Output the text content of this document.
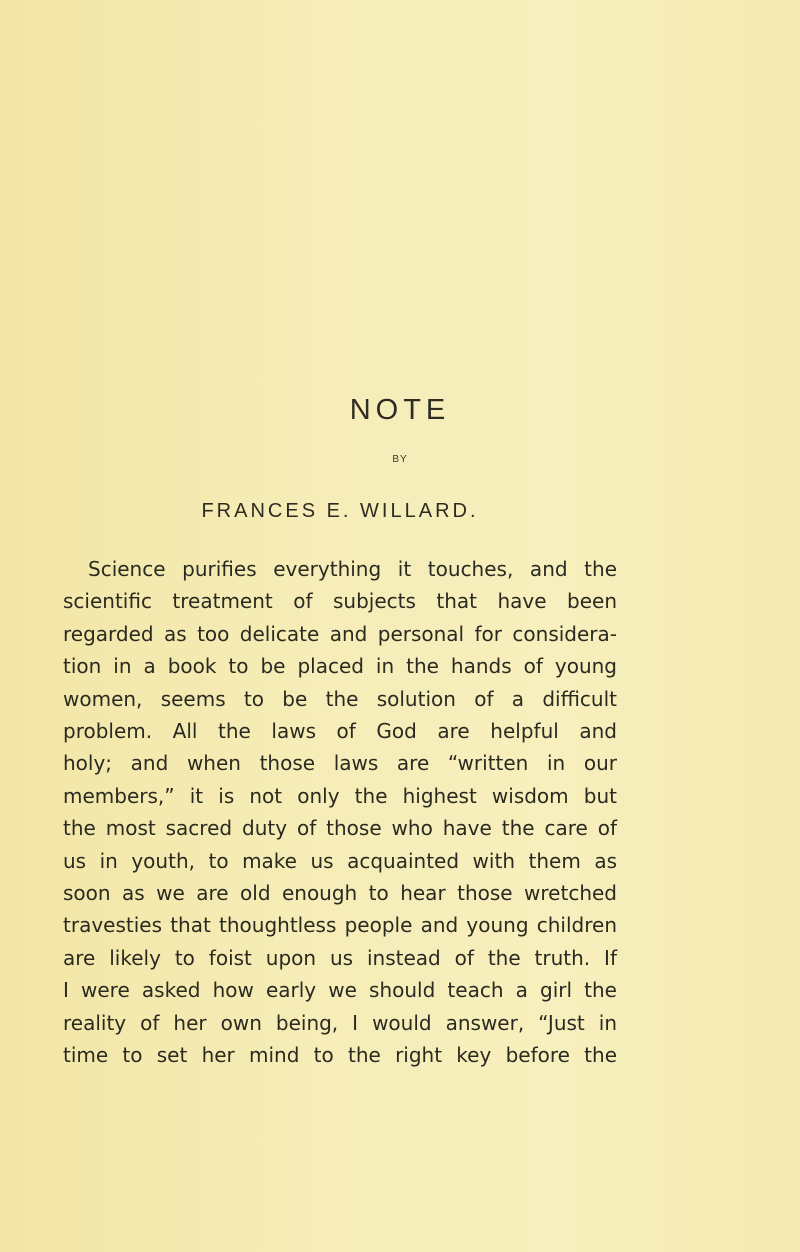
NOTE
BY
FRANCES E. WILLARD.
Science purifies everything it touches, and the
scientific treatment of subjects that have been
regarded as too delicate and personal for considera-
tion in a book to be placed in the hands of young
women, seems to be the solution of a difficult
problem. All the laws of God are helpful and
holy; and when those laws are “written in our
members,” it is not only the highest wisdom but
the most sacred duty of those who have the care of
us in youth, to make us acquainted with them as
soon as we are old enough to hear those wretched
travesties that thoughtless people and young children
are likely to foist upon us instead of the truth. If
I were asked how early we should teach a girl the
reality of her own being, I would answer, “Just in
time to set her mind to the right key before the
